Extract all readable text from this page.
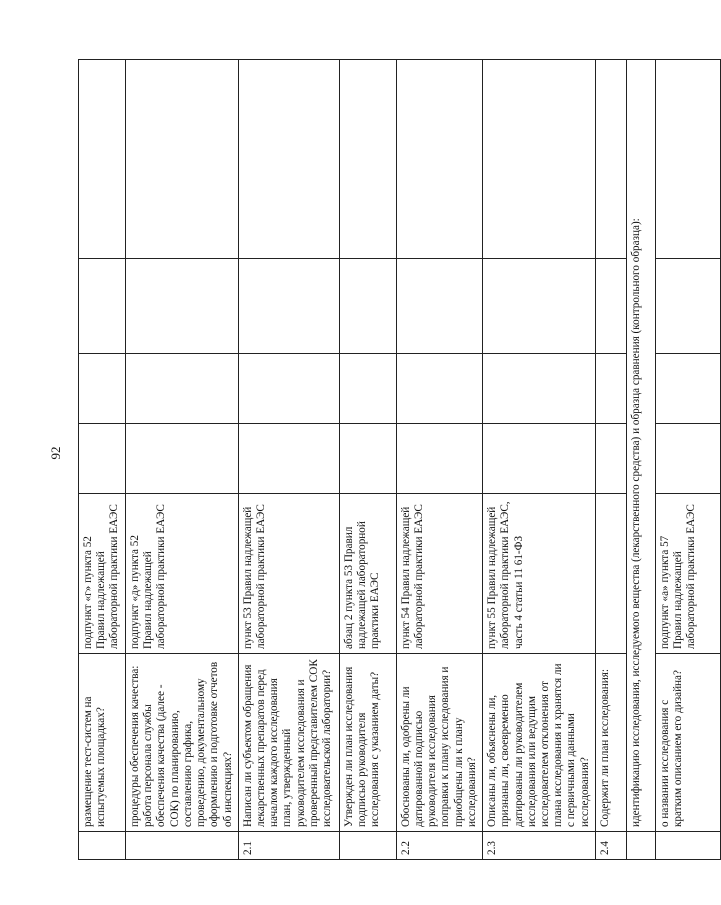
92
	размещение тест-систем на испытуемых площадках?	подпункт «г» пункта 52 Правил надлежащей лабораторной практики ЕАЭС				
	процедуры обеспечения качества: работа персонала службы обеспечения качества (далее - СОК) по планированию, составлению графика, проведению, документальному оформлению и подготовке отчетов об инспекциях?	подпункт «д» пункта 52 Правил надлежащей лабораторной практики ЕАЭС				
2.1	Написан ли субъектом обращения лекарственных препаратов перед началом каждого исследования план, утвержденный руководителем исследования и проверенный представителем СОК исследовательской лаборатории?	пункт 53 Правил надлежащей лабораторной практики ЕАЭС				
	Утвержден ли план исследования подписью руководителя исследования с указанием даты?	абзац 2 пункта 53 Правил надлежащей лабораторной практики ЕАЭС				
2.2	Обоснованы ли, одобрены ли датированной подписью руководителя исследования поправки к плану исследования и приобщены ли к плану исследования?	пункт 54 Правил надлежащей лабораторной практики ЕАЭС				
2.3	Описаны ли, объяснены ли, признаны ли, своевременно датированы ли руководителем исследования или ведущим исследователем отклонения от плана исследования и хранятся ли с первичными данными исследования?	пункт 55 Правил надлежащей лабораторной практики ЕАЭС, часть 4 статьи 11 61-ФЗ				
2.4	Содержит ли план исследования:					
	идентификацию исследования, исследуемого вещества (лекарственного средства) и образца сравнения (контрольного образца):					
	о названии исследования с кратким описанием его дизайна?	подпункт «а» пункта 57 Правил надлежащей лабораторной практики ЕАЭС				
